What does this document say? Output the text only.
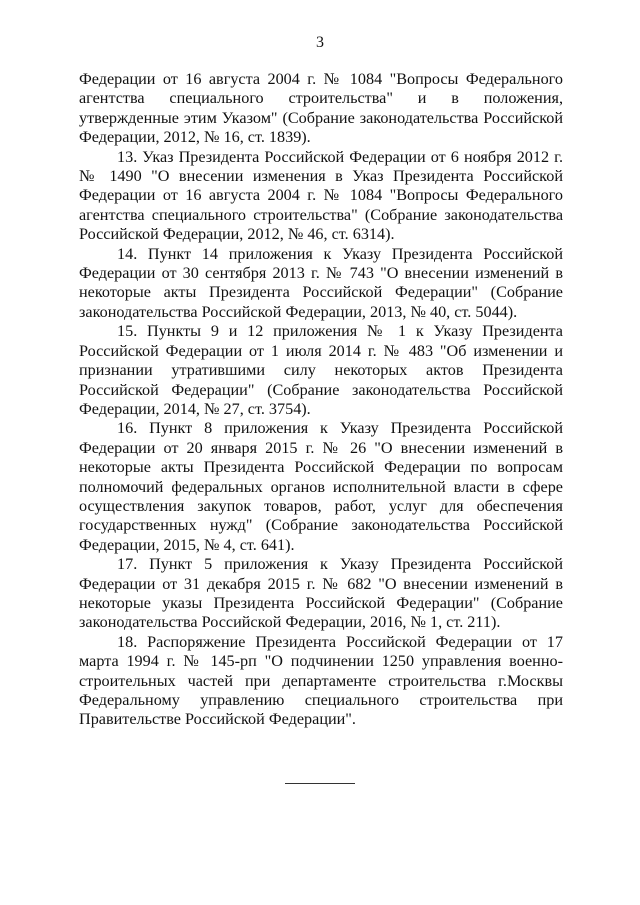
3

Федерации от 16 августа 2004 г. № 1084 "Вопросы Федерального агентства специального строительства" и в положения, утвержденные этим Указом" (Собрание законодательства Российской Федерации, 2012, № 16, ст. 1839).

13. Указ Президента Российской Федерации от 6 ноября 2012 г. № 1490 "О внесении изменения в Указ Президента Российской Федерации от 16 августа 2004 г. № 1084 "Вопросы Федерального агентства специального строительства" (Собрание законодательства Российской Федерации, 2012, № 46, ст. 6314).

14. Пункт 14 приложения к Указу Президента Российской Федерации от 30 сентября 2013 г. № 743 "О внесении изменений в некоторые акты Президента Российской Федерации" (Собрание законодательства Российской Федерации, 2013, № 40, ст. 5044).

15. Пункты 9 и 12 приложения № 1 к Указу Президента Российской Федерации от 1 июля 2014 г. № 483 "Об изменении и признании утратившими силу некоторых актов Президента Российской Федерации" (Собрание законодательства Российской Федерации, 2014, № 27, ст. 3754).

16. Пункт 8 приложения к Указу Президента Российской Федерации от 20 января 2015 г. № 26 "О внесении изменений в некоторые акты Президента Российской Федерации по вопросам полномочий федеральных органов исполнительной власти в сфере осуществления закупок товаров, работ, услуг для обеспечения государственных нужд" (Собрание законодательства Российской Федерации, 2015, № 4, ст. 641).

17. Пункт 5 приложения к Указу Президента Российской Федерации от 31 декабря 2015 г. № 682 "О внесении изменений в некоторые указы Президента Российской Федерации" (Собрание законодательства Российской Федерации, 2016, № 1, ст. 211).

18. Распоряжение Президента Российской Федерации от 17 марта 1994 г. № 145-рп "О подчинении 1250 управления военно-строительных частей при департаменте строительства г.Москвы Федеральному управлению специального строительства при Правительстве Российской Федерации".
